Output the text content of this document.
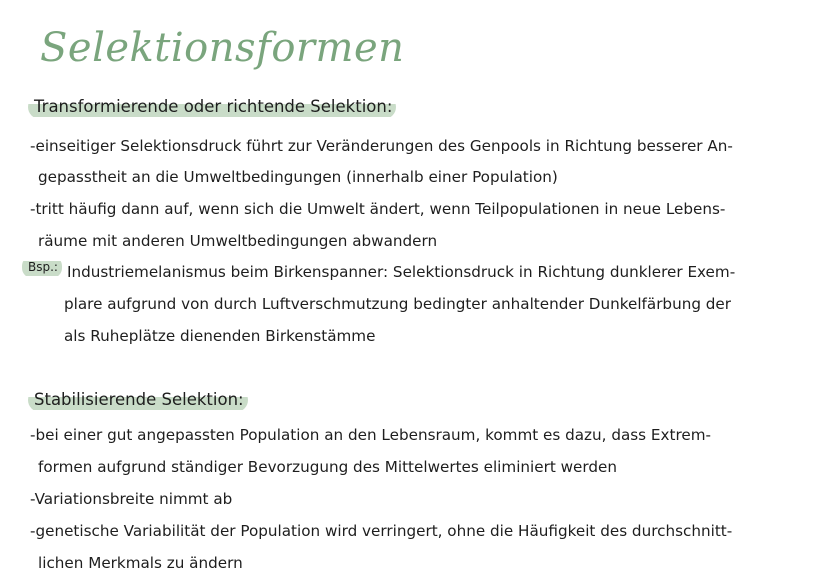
Selektionsformen
Transformierende oder richtende Selektion:
-einseitiger Selektionsdruck führt zur Veränderungen des Genpools in Richtung besserer An-
gepasstheit an die Umweltbedingungen (innerhalb einer Population)
-tritt häufig dann auf, wenn sich die Umwelt ändert, wenn Teilpopulationen in neue Lebens-
räume mit anderen Umweltbedingungen abwandern
Bsp.: Industriemelanismus beim Birkenspanner: Selektionsdruck in Richtung dunklerer Exem-
plare aufgrund von durch Luftverschmutzung bedingter anhaltender Dunkelfärbung der
als Ruheplätze dienenden Birkenstämme
Stabilisierende Selektion:
-bei einer gut angepassten Population an den Lebensraum, kommt es dazu, dass Extrem-
formen aufgrund ständiger Bevorzugung des Mittelwertes eliminiert werden
-Variationsbreite nimmt ab
-genetische Variabilität der Population wird verringert, ohne die Häufigkeit des durchschnitt-
lichen Merkmals zu ändern
